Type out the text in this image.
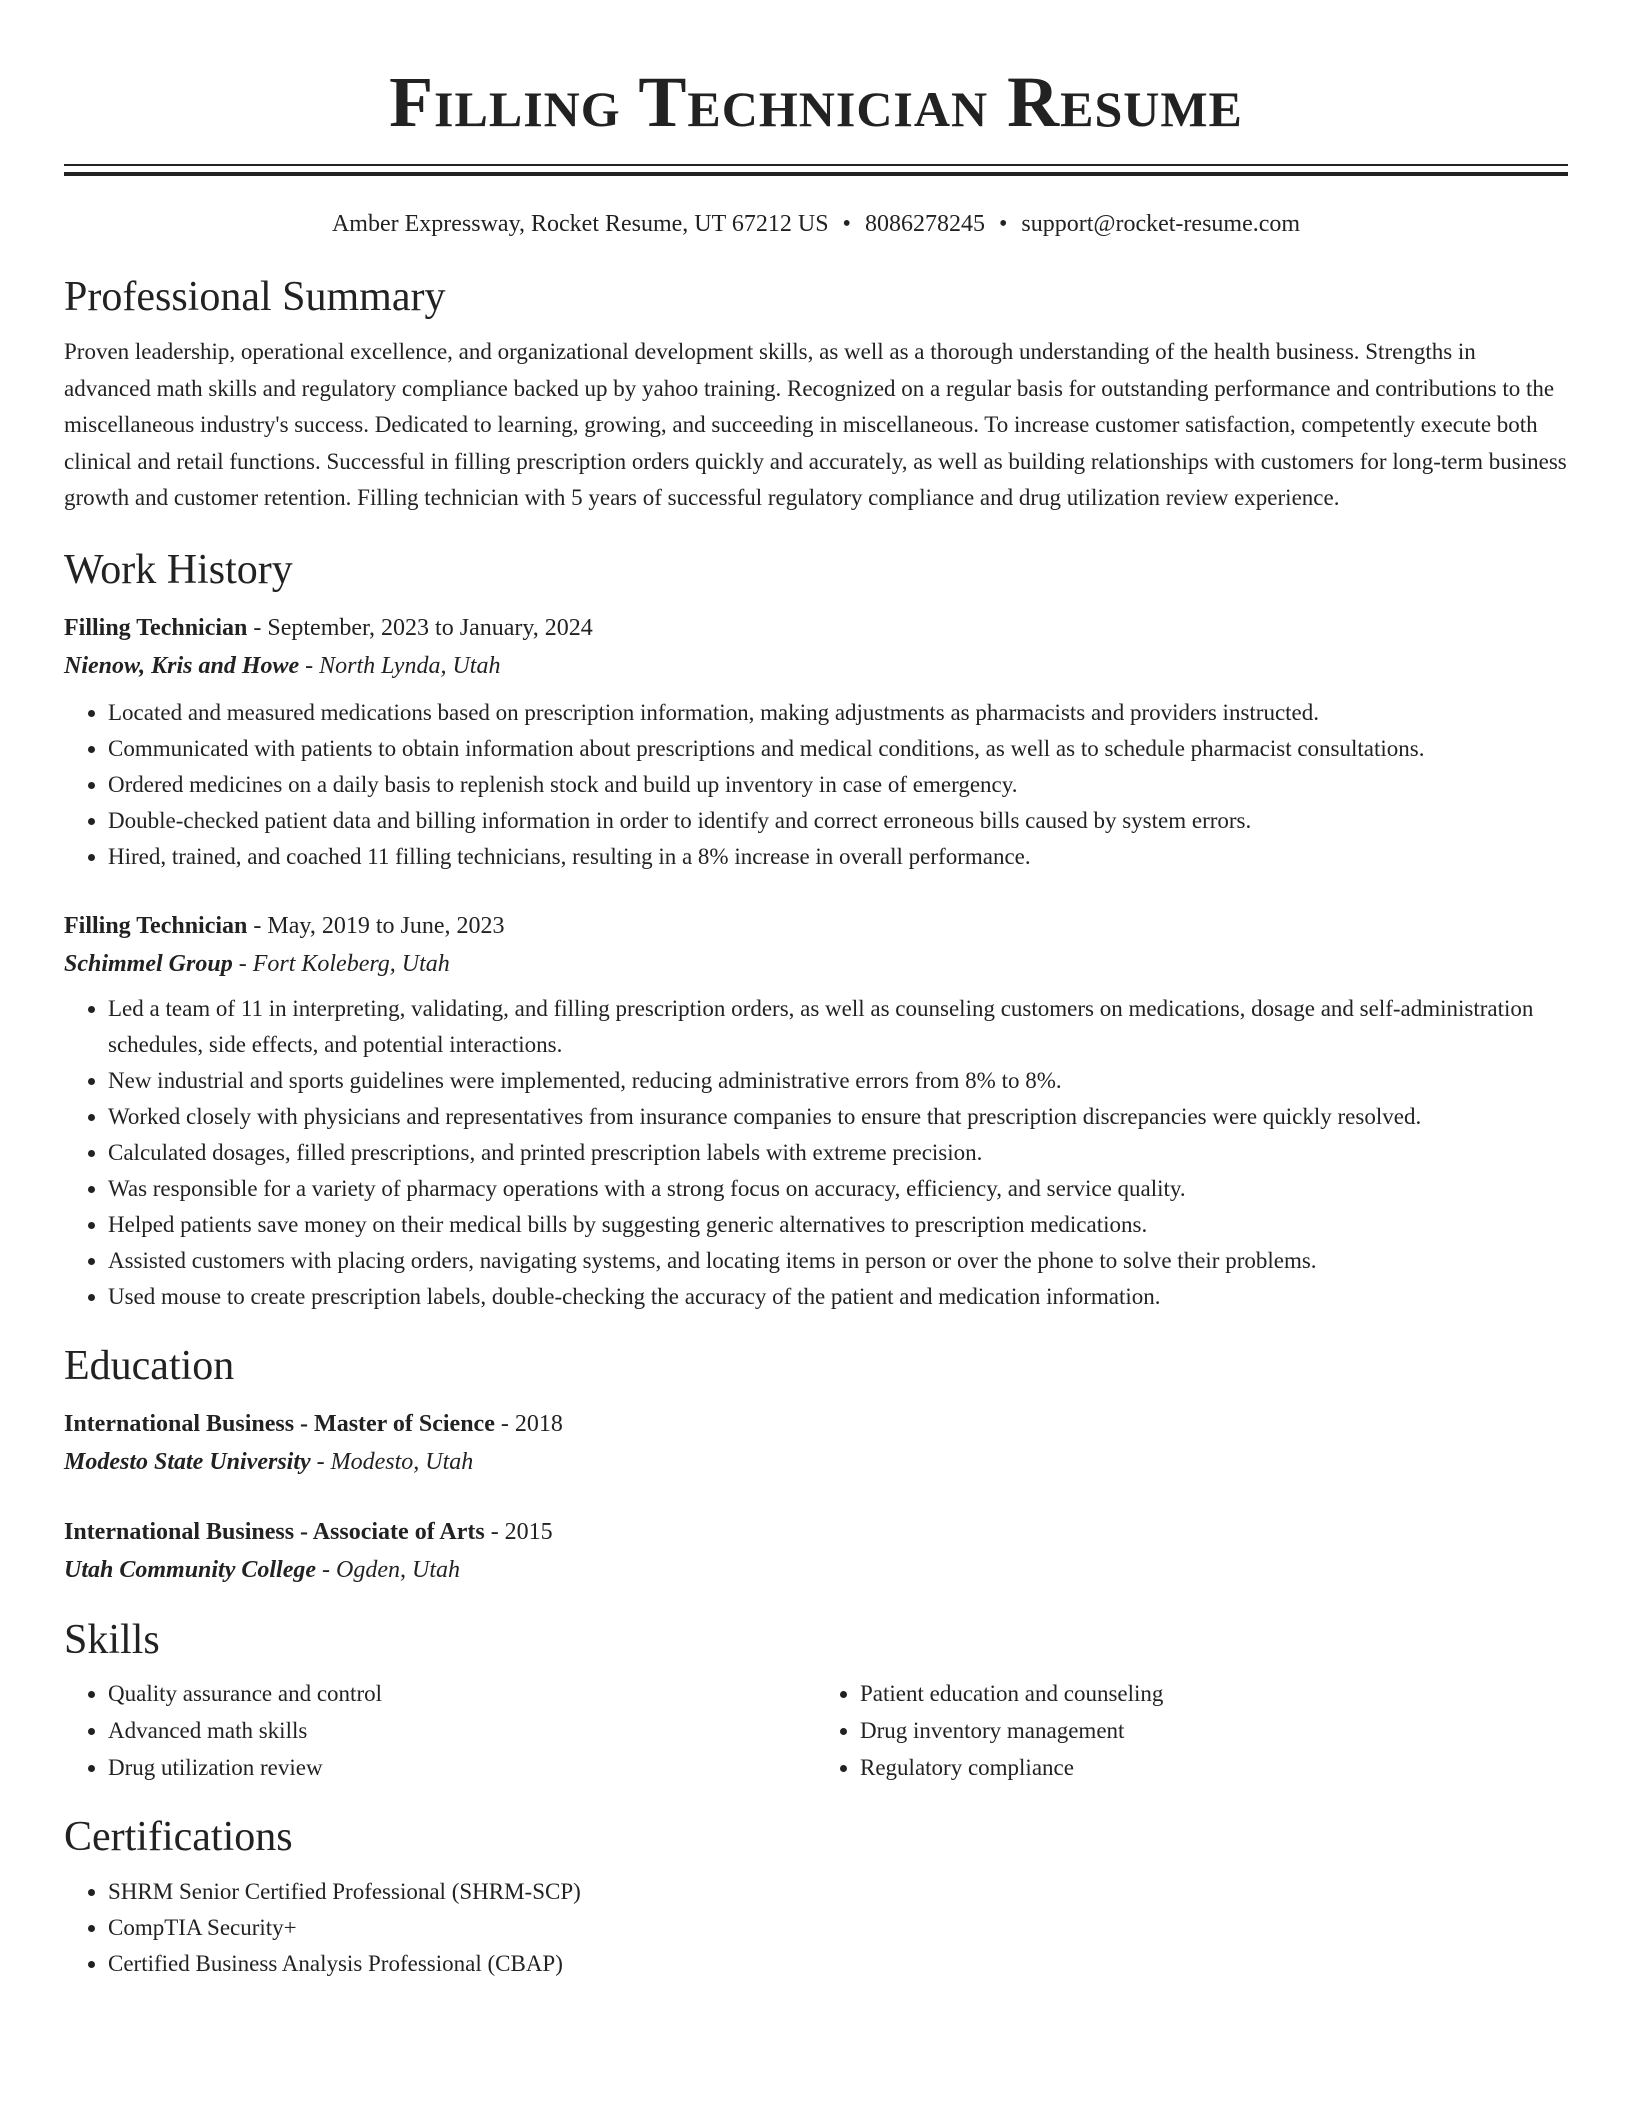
Filling Technician Resume
Amber Expressway, Rocket Resume, UT 67212 US • 8086278245 • support@rocket-resume.com
Professional Summary

Proven leadership, operational excellence, and organizational development skills, as well as a thorough understanding of the health business. Strengths in advanced math skills and regulatory compliance backed up by yahoo training. Recognized on a regular basis for outstanding performance and contributions to the miscellaneous industry's success. Dedicated to learning, growing, and succeeding in miscellaneous. To increase customer satisfaction, competently execute both clinical and retail functions. Successful in filling prescription orders quickly and accurately, as well as building relationships with customers for long-term business growth and customer retention. Filling technician with 5 years of successful regulatory compliance and drug utilization review experience.

Work History
Filling Technician - September, 2023 to January, 2024
Nienow, Kris and Howe - North Lynda, Utah
• Located and measured medications based on prescription information, making adjustments as pharmacists and providers instructed.
• Communicated with patients to obtain information about prescriptions and medical conditions, as well as to schedule pharmacist consultations.
• Ordered medicines on a daily basis to replenish stock and build up inventory in case of emergency.
• Double-checked patient data and billing information in order to identify and correct erroneous bills caused by system errors.
• Hired, trained, and coached 11 filling technicians, resulting in a 8% increase in overall performance.
Filling Technician - May, 2019 to June, 2023
Schimmel Group - Fort Koleberg, Utah
• Led a team of 11 in interpreting, validating, and filling prescription orders, as well as counseling customers on medications, dosage and self-administration schedules, side effects, and potential interactions.
• New industrial and sports guidelines were implemented, reducing administrative errors from 8% to 8%.
• Worked closely with physicians and representatives from insurance companies to ensure that prescription discrepancies were quickly resolved.
• Calculated dosages, filled prescriptions, and printed prescription labels with extreme precision.
• Was responsible for a variety of pharmacy operations with a strong focus on accuracy, efficiency, and service quality.
• Helped patients save money on their medical bills by suggesting generic alternatives to prescription medications.
• Assisted customers with placing orders, navigating systems, and locating items in person or over the phone to solve their problems.
• Used mouse to create prescription labels, double-checking the accuracy of the patient and medication information.
Education
International Business - Master of Science - 2018
Modesto State University - Modesto, Utah
International Business - Associate of Arts - 2015
Utah Community College - Ogden, Utah
Skills
• Quality assurance and control
• Advanced math skills
• Drug utilization review
• Patient education and counseling
• Drug inventory management
• Regulatory compliance
Certifications
• SHRM Senior Certified Professional (SHRM-SCP)
• CompTIA Security+
• Certified Business Analysis Professional (CBAP)
